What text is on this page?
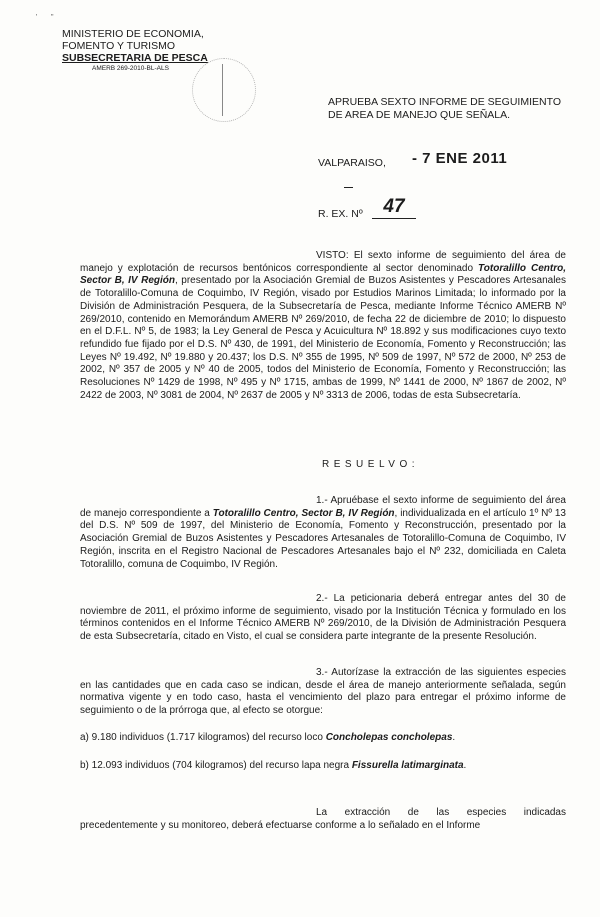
'       "
MINISTERIO DE ECONOMIA,
FOMENTO Y TURISMO
SUBSECRETARIA DE PESCA
AMERB 269-2010-BL-ALS
APRUEBA SEXTO INFORME DE SEGUIMIENTO DE AREA DE MANEJO QUE SEÑALA.
VALPARAISO, - 7 ENE 2011
R. EX. Nº	47
VISTO: El sexto informe de seguimiento del área de manejo y explotación de recursos bentónicos correspondiente al sector denominado Totoralillo Centro, Sector B, IV Región, presentado por la Asociación Gremial de Buzos Asistentes y Pescadores Artesanales de Totoralillo-Comuna de Coquimbo, IV Región, visado por Estudios Marinos Limitada; lo informado por la División de Administración Pesquera, de la Subsecretaría de Pesca, mediante Informe Técnico AMERB Nº 269/2010, contenido en Memorándum AMERB Nº 269/2010, de fecha 22 de diciembre de 2010; lo dispuesto en el D.F.L. Nº 5, de 1983; la Ley General de Pesca y Acuicultura Nº 18.892 y sus modificaciones cuyo texto refundido fue fijado por el D.S. Nº 430, de 1991, del Ministerio de Economía, Fomento y Reconstrucción; las Leyes Nº 19.492, Nº 19.880 y 20.437; los D.S. Nº 355 de 1995, Nº 509 de 1997, Nº 572 de 2000, Nº 253 de 2002, Nº 357 de 2005 y Nº 40 de 2005, todos del Ministerio de Economía, Fomento y Reconstrucción; las Resoluciones Nº 1429 de 1998, Nº 495 y Nº 1715, ambas de 1999, Nº 1441 de 2000, Nº 1867 de 2002, Nº 2422 de 2003, Nº 3081 de 2004, Nº 2637 de 2005 y Nº 3313 de 2006, todas de esta Subsecretaría.
RESUELVO:
1.- Apruébase el sexto informe de seguimiento del área de manejo correspondiente a Totoralillo Centro, Sector B, IV Región, individualizada en el artículo 1º Nº 13 del D.S. Nº 509 de 1997, del Ministerio de Economía, Fomento y Reconstrucción, presentado por la Asociación Gremial de Buzos Asistentes y Pescadores Artesanales de Totoralillo-Comuna de Coquimbo, IV Región, inscrita en el Registro Nacional de Pescadores Artesanales bajo el Nº 232, domiciliada en Caleta Totoralillo, comuna de Coquimbo, IV Región.
2.- La peticionaria deberá entregar antes del 30 de noviembre de 2011, el próximo informe de seguimiento, visado por la Institución Técnica y formulado en los términos contenidos en el Informe Técnico AMERB Nº 269/2010, de la División de Administración Pesquera de esta Subsecretaría, citado en Visto, el cual se considera parte integrante de la presente Resolución.
3.- Autorízase la extracción de las siguientes especies en las cantidades que en cada caso se indican, desde el área de manejo anteriormente señalada, según normativa vigente y en todo caso, hasta el vencimiento del plazo para entregar el próximo informe de seguimiento o de la prórroga que, al efecto se otorgue:
a) 9.180 individuos (1.717 kilogramos) del recurso loco Concholepas concholepas.
b) 12.093 individuos (704 kilogramos) del recurso lapa negra Fissurella latimarginata.
La extracción de las especies indicadas precedentemente y su monitoreo, deberá efectuarse conforme a lo señalado en el Informe
